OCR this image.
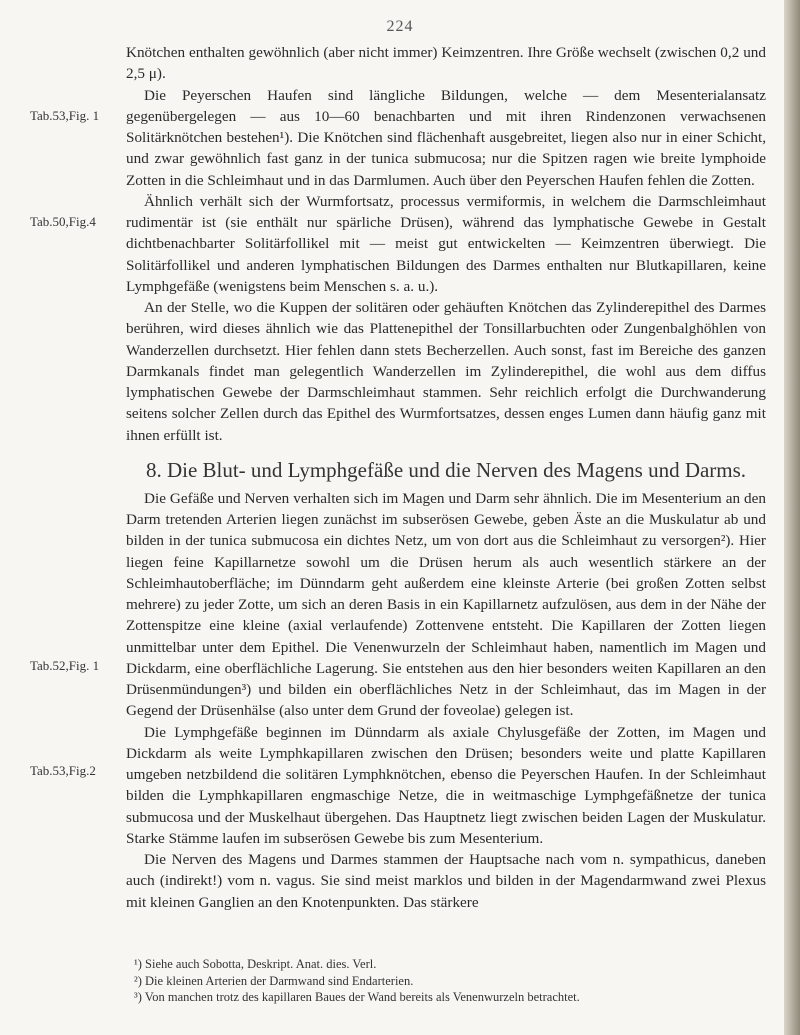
224
Tab.53,Fig. 1
Tab.50,Fig.4
Tab.52,Fig. 1
Tab.53,Fig.2

Knötchen enthalten gewöhnlich (aber nicht immer) Keimzentren. Ihre Größe wechselt (zwischen 0,2 und 2,5 μ).

Die Peyerschen Haufen sind längliche Bildungen, welche — dem Mesenterialansatz gegenübergelegen — aus 10—60 benachbarten und mit ihren Rindenzonen verwachsenen Solitärknötchen bestehen¹). Die Knötchen sind flächenhaft ausgebreitet, liegen also nur in einer Schicht, und zwar gewöhnlich fast ganz in der tunica submucosa; nur die Spitzen ragen wie breite lymphoide Zotten in die Schleimhaut und in das Darmlumen. Auch über den Peyerschen Haufen fehlen die Zotten.

Ähnlich verhält sich der Wurmfortsatz, processus vermiformis, in welchem die Darmschleimhaut rudimentär ist (sie enthält nur spärliche Drüsen), während das lymphatische Gewebe in Gestalt dichtbenachbarter Solitärfollikel mit — meist gut entwickelten — Keimzentren überwiegt. Die Solitärfollikel und anderen lymphatischen Bildungen des Darmes enthalten nur Blutkapillaren, keine Lymphgefäße (wenigstens beim Menschen s. a. u.).

An der Stelle, wo die Kuppen der solitären oder gehäuften Knötchen das Zylinderepithel des Darmes berühren, wird dieses ähnlich wie das Plattenepithel der Tonsillarbuchten oder Zungenbalghöhlen von Wanderzellen durchsetzt. Hier fehlen dann stets Becherzellen. Auch sonst, fast im Bereiche des ganzen Darmkanals findet man gelegentlich Wanderzellen im Zylinderepithel, die wohl aus dem diffus lymphatischen Gewebe der Darmschleimhaut stammen. Sehr reichlich erfolgt die Durchwanderung seitens solcher Zellen durch das Epithel des Wurmfortsatzes, dessen enges Lumen dann häufig ganz mit ihnen erfüllt ist.

8. Die Blut- und Lymphgefäße und die Nerven des Magens und Darms.

Die Gefäße und Nerven verhalten sich im Magen und Darm sehr ähnlich. Die im Mesenterium an den Darm tretenden Arterien liegen zunächst im subserösen Gewebe, geben Äste an die Muskulatur ab und bilden in der tunica submucosa ein dichtes Netz, um von dort aus die Schleimhaut zu versorgen²). Hier liegen feine Kapillarnetze sowohl um die Drüsen herum als auch wesentlich stärkere an der Schleimhautoberfläche; im Dünndarm geht außerdem eine kleinste Arterie (bei großen Zotten selbst mehrere) zu jeder Zotte, um sich an deren Basis in ein Kapillarnetz aufzulösen, aus dem in der Nähe der Zottenspitze eine kleine (axial verlaufende) Zottenvene entsteht. Die Kapillaren der Zotten liegen unmittelbar unter dem Epithel. Die Venenwurzeln der Schleimhaut haben, namentlich im Magen und Dickdarm, eine oberflächliche Lagerung. Sie entstehen aus den hier besonders weiten Kapillaren an den Drüsenmündungen³) und bilden ein oberflächliches Netz in der Schleimhaut, das im Magen in der Gegend der Drüsenhälse (also unter dem Grund der foveolae) gelegen ist.

Die Lymphgefäße beginnen im Dünndarm als axiale Chylusgefäße der Zotten, im Magen und Dickdarm als weite Lymphkapillaren zwischen den Drüsen; besonders weite und platte Kapillaren umgeben netzbildend die solitären Lymphknötchen, ebenso die Peyerschen Haufen. In der Schleimhaut bilden die Lymphkapillaren engmaschige Netze, die in weitmaschige Lymphgefäßnetze der tunica submucosa und der Muskelhaut übergehen. Das Hauptnetz liegt zwischen beiden Lagen der Muskulatur. Starke Stämme laufen im subserösen Gewebe bis zum Mesenterium.

Die Nerven des Magens und Darmes stammen der Hauptsache nach vom n. sympathicus, daneben auch (indirekt!) vom n. vagus. Sie sind meist marklos und bilden in der Magendarmwand zwei Plexus mit kleinen Ganglien an den Knotenpunkten. Das stärkere

¹) Siehe auch Sobotta, Deskript. Anat. dies. Verl.
²) Die kleinen Arterien der Darmwand sind Endarterien.
³) Von manchen trotz des kapillaren Baues der Wand bereits als Venenwurzeln betrachtet.
